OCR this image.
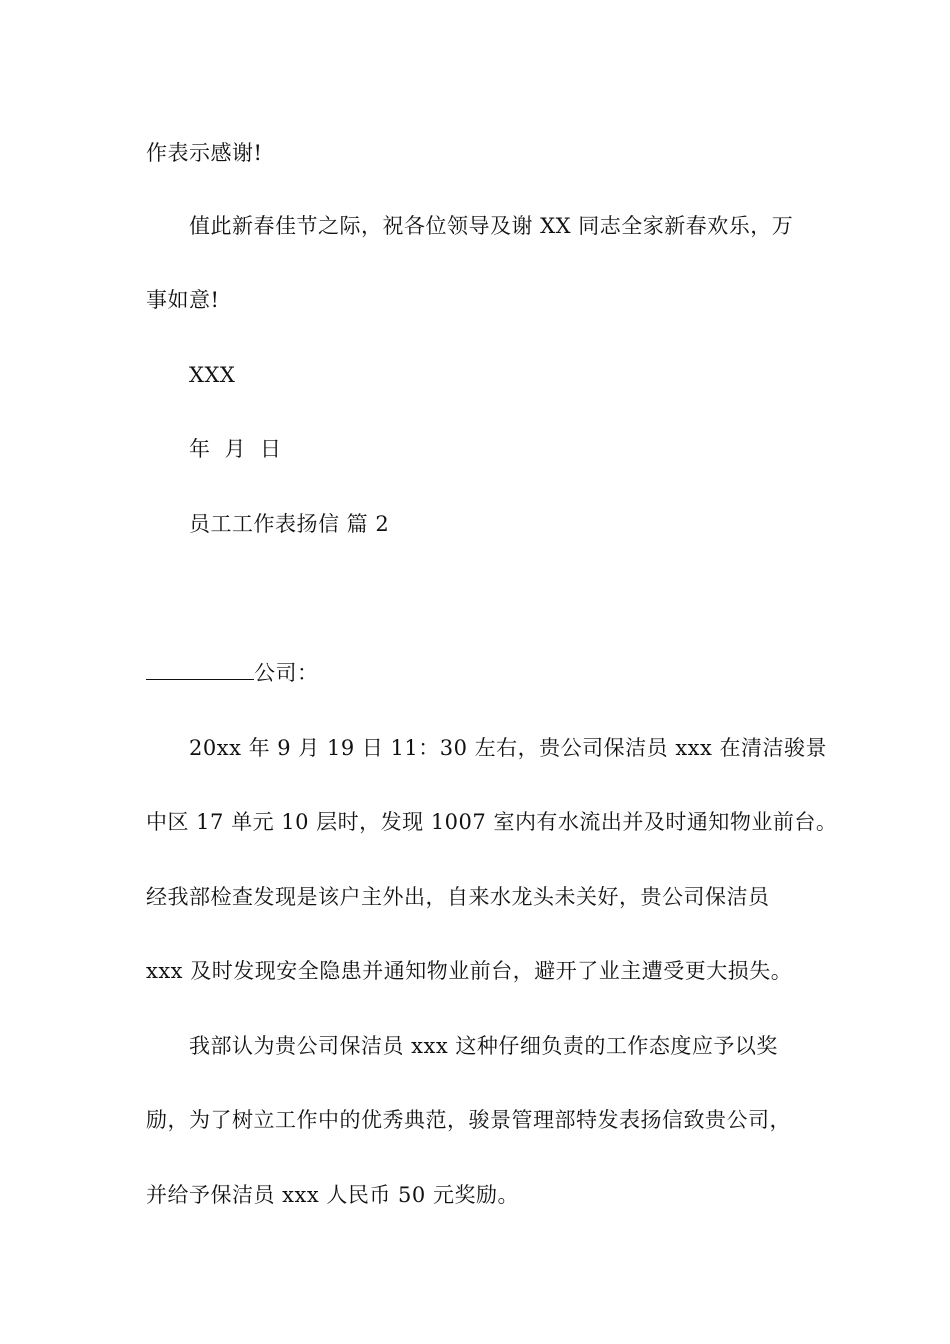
作表示感谢!
值此新春佳节之际，祝各位领导及谢 XX 同志全家新春欢乐，万
事如意!
XXX
年 月 日
员工工作表扬信 篇 2
公司：
20xx 年 9 月 19 日 11：30 左右，贵公司保洁员 xxx 在清洁骏景
中区 17 单元 10 层时，发现 1007 室内有水流出并及时通知物业前台。
经我部检查发现是该户主外出，自来水龙头未关好，贵公司保洁员
xxx 及时发现安全隐患并通知物业前台，避开了业主遭受更大损失。
我部认为贵公司保洁员 xxx 这种仔细负责的工作态度应予以奖
励，为了树立工作中的优秀典范，骏景管理部特发表扬信致贵公司，
并给予保洁员 xxx 人民币 50 元奖励。
